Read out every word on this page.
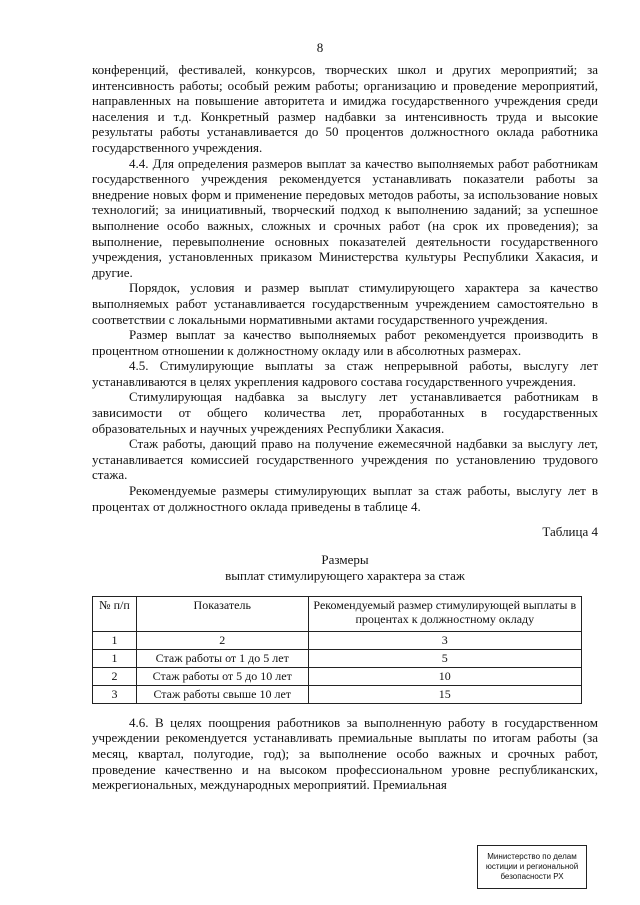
8

конференций, фестивалей, конкурсов, творческих школ и других мероприятий; за интенсивность работы; особый режим работы; организацию и проведение мероприятий, направленных на повышение авторитета и имиджа государственного учреждения среди населения и т.д. Конкретный размер надбавки за интенсивность труда и высокие результаты работы устанавливается до 50 процентов должностного оклада работника государственного учреждения.

4.4. Для определения размеров выплат за качество выполняемых работ работникам государственного учреждения рекомендуется устанавливать показатели работы за внедрение новых форм и применение передовых методов работы, за использование новых технологий; за инициативный, творческий подход к выполнению заданий; за успешное выполнение особо важных, сложных и срочных работ (на срок их проведения); за выполнение, перевыполнение основных показателей деятельности государственного учреждения, установленных приказом Министерства культуры Республики Хакасия, и другие.

Порядок, условия и размер выплат стимулирующего характера за качество выполняемых работ устанавливается государственным учреждением самостоятельно в соответствии с локальными нормативными актами государственного учреждения.

Размер выплат за качество выполняемых работ рекомендуется производить в процентном отношении к должностному окладу или в абсолютных размерах.

4.5. Стимулирующие выплаты за стаж непрерывной работы, выслугу лет устанавливаются в целях укрепления кадрового состава государственного учреждения.

Стимулирующая надбавка за выслугу лет устанавливается работникам в зависимости от общего количества лет, проработанных в государственных образовательных и научных учреждениях Республики Хакасия.

Стаж работы, дающий право на получение ежемесячной надбавки за выслугу лет, устанавливается комиссией государственного учреждения по установлению трудового стажа.

Рекомендуемые размеры стимулирующих выплат за стаж работы, выслугу лет в процентах от должностного оклада приведены в таблице 4.

Таблица 4
Размеры
выплат стимулирующего характера за стаж
№ п/п	Показатель	Рекомендуемый размер стимулирующей выплаты в процентах к должностному окладу
1	2	3
1	Стаж работы от 1 до 5 лет	5
2	Стаж работы от 5 до 10 лет	10
3	Стаж работы свыше 10 лет	15

4.6. В целях поощрения работников за выполненную работу в государственном учреждении рекомендуется устанавливать премиальные выплаты по итогам работы (за месяц, квартал, полугодие, год); за выполнение особо важных и срочных работ, проведение качественно и на высоком профессиональном уровне республиканских, межрегиональных, международных мероприятий. Премиальная

Министерство по делам
юстиции и региональной
безопасности РХ
